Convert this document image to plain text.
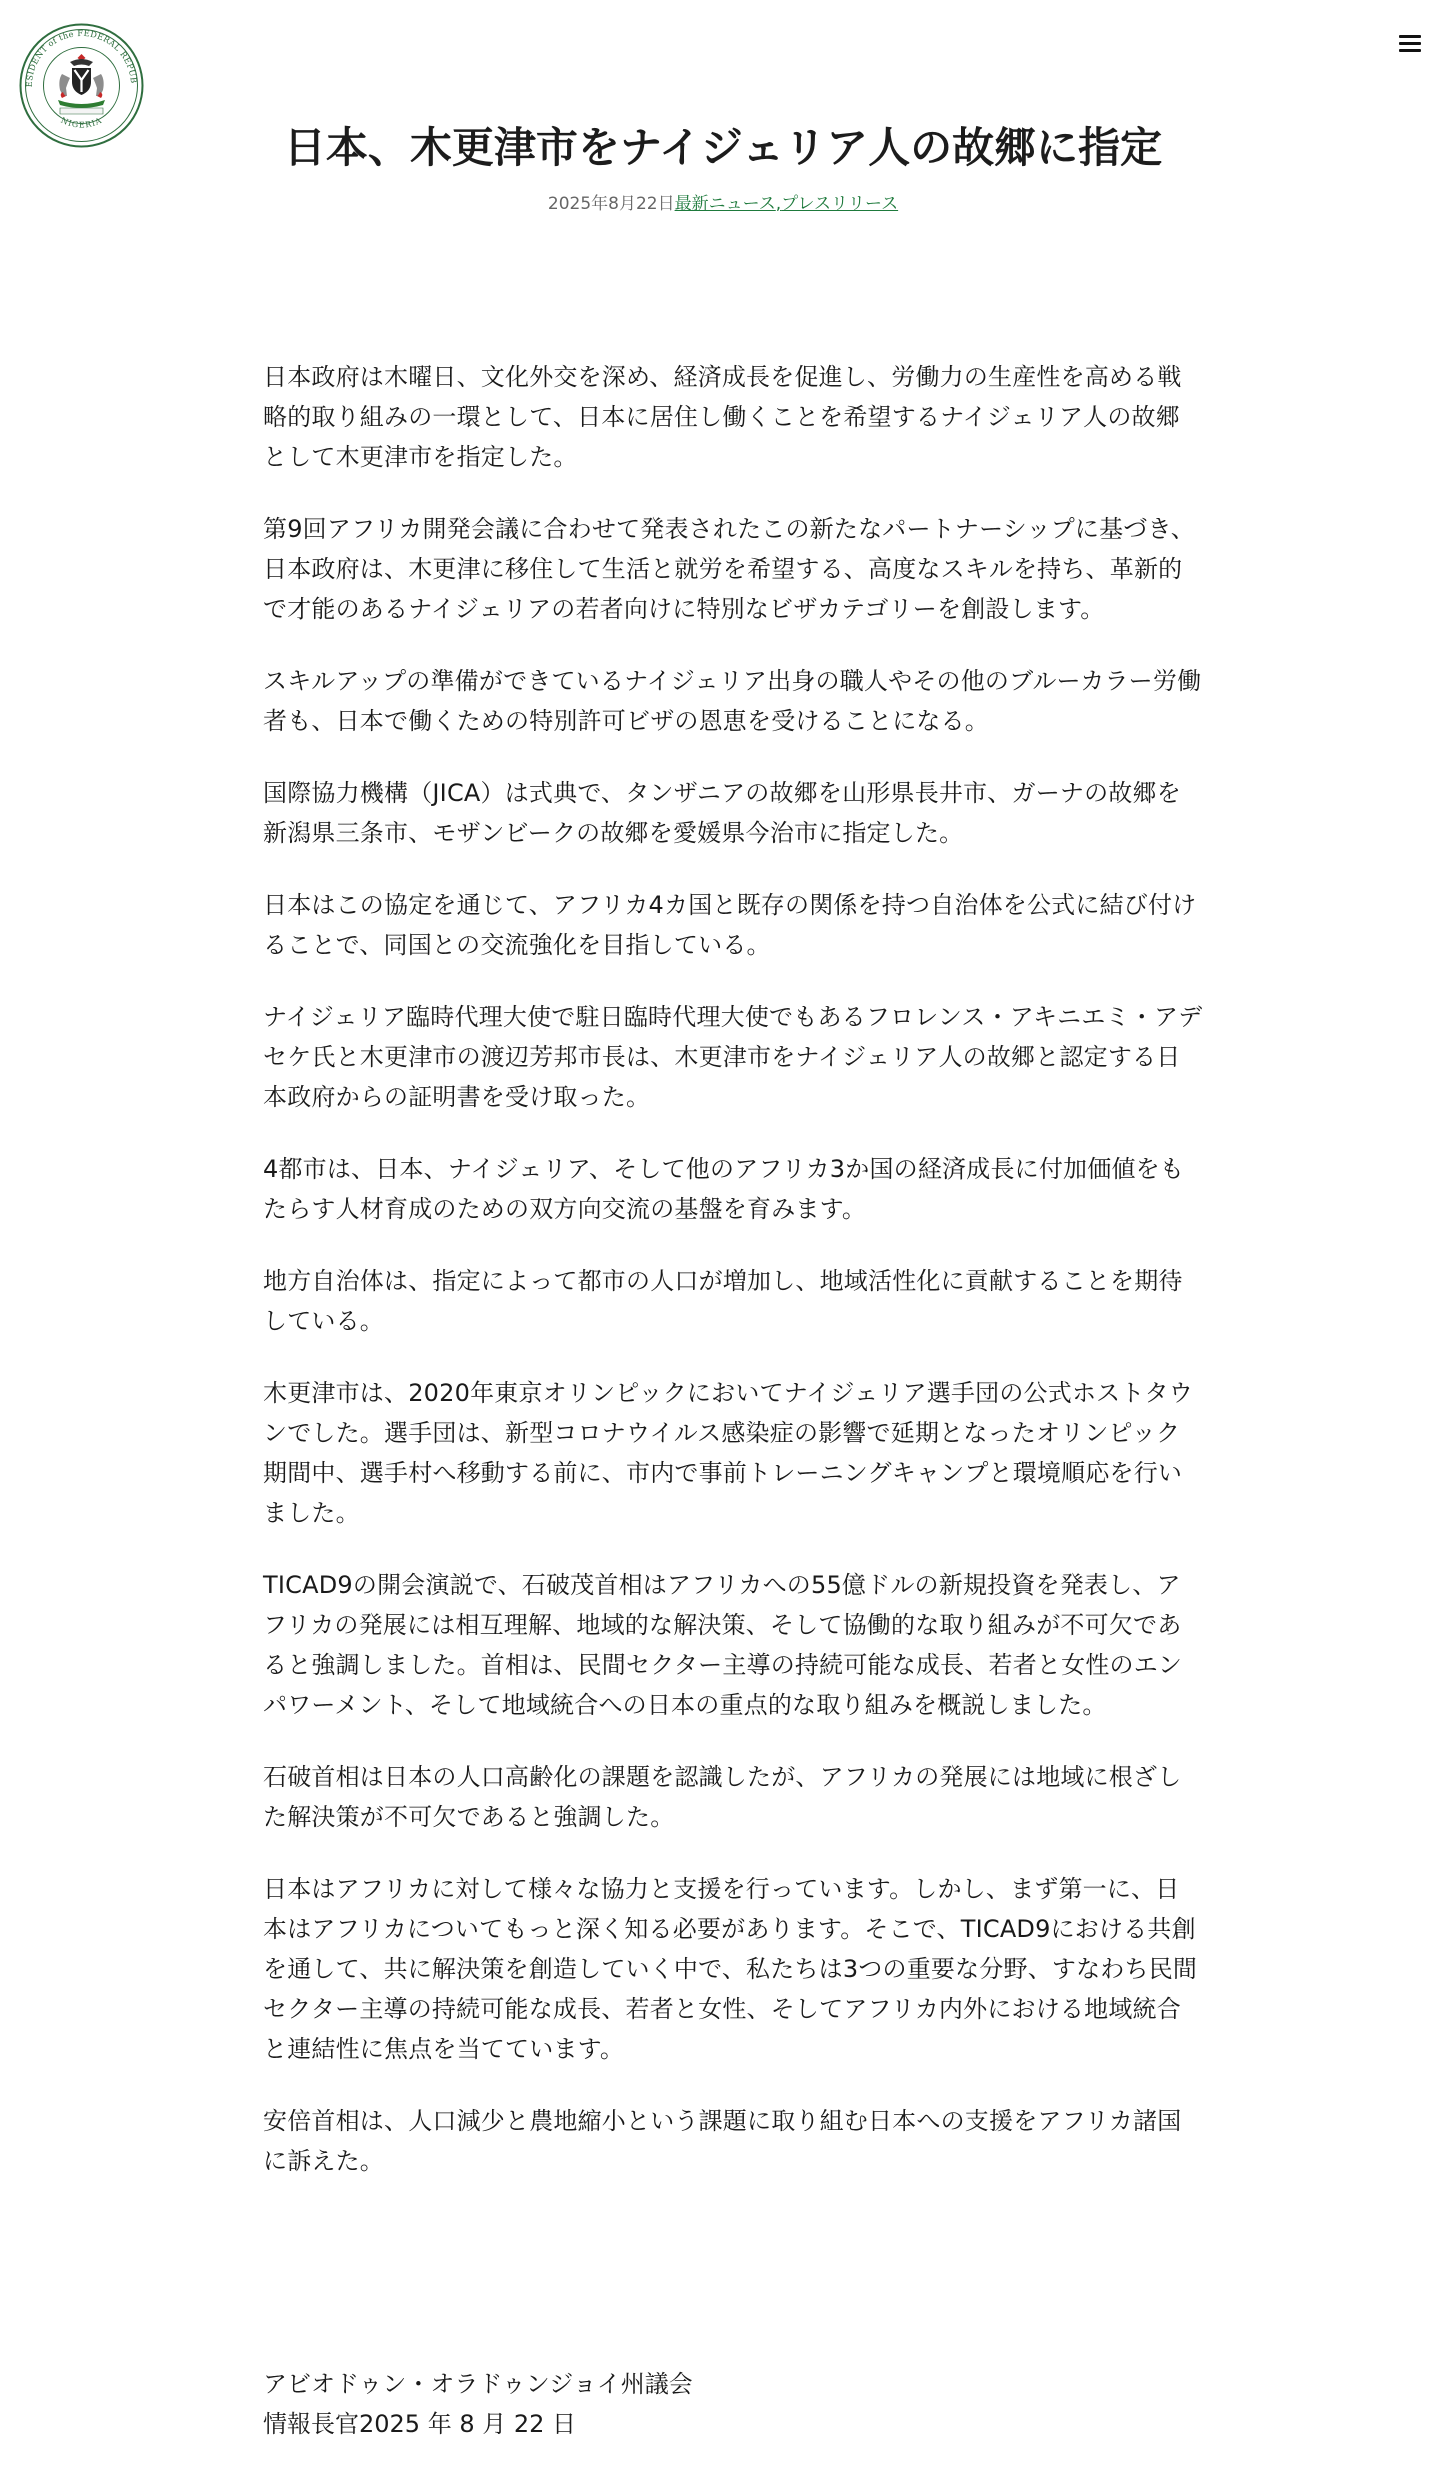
ESIDENT of the FEDERAL REPUB
NIGERIA
日本、木更津市をナイジェリア人の故郷に指定
2025年8月22日最新ニュース,プレスリリース

日本政府は木曜日、文化外交を深め、経済成長を促進し、労働力の生産性を高める戦略的取り組みの一環として、日本に居住し働くことを希望するナイジェリア人の故郷として木更津市を指定した。

第9回アフリカ開発会議に合わせて発表されたこの新たなパートナーシップに基づき、日本政府は、木更津に移住して生活と就労を希望する、高度なスキルを持ち、革新的で才能のあるナイジェリアの若者向けに特別なビザカテゴリーを創設します。

スキルアップの準備ができているナイジェリア出身の職人やその他のブルーカラー労働者も、日本で働くための特別許可ビザの恩恵を受けることになる。

国際協力機構（JICA）は式典で、タンザニアの故郷を山形県長井市、ガーナの故郷を新潟県三条市、モザンビークの故郷を愛媛県今治市に指定した。

日本はこの協定を通じて、アフリカ4カ国と既存の関係を持つ自治体を公式に結び付けることで、同国との交流強化を目指している。

ナイジェリア臨時代理大使で駐日臨時代理大使でもあるフロレンス・アキニエミ・アデセケ氏と木更津市の渡辺芳邦市長は、木更津市をナイジェリア人の故郷と認定する日本政府からの証明書を受け取った。

4都市は、日本、ナイジェリア、そして他のアフリカ3か国の経済成長に付加価値をもたらす人材育成のための双方向交流の基盤を育みます。

地方自治体は、指定によって都市の人口が増加し、地域活性化に貢献することを期待している。

木更津市は、2020年東京オリンピックにおいてナイジェリア選手団の公式ホストタウンでした。選手団は、新型コロナウイルス感染症の影響で延期となったオリンピック期間中、選手村へ移動する前に、市内で事前トレーニングキャンプと環境順応を行いました。

TICAD9の開会演説で、石破茂首相はアフリカへの55億ドルの新規投資を発表し、アフリカの発展には相互理解、地域的な解決策、そして協働的な取り組みが不可欠であると強調しました。首相は、民間セクター主導の持続可能な成長、若者と女性のエンパワーメント、そして地域統合への日本の重点的な取り組みを概説しました。

石破首相は日本の人口高齢化の課題を認識したが、アフリカの発展には地域に根ざした解決策が不可欠であると強調した。

日本はアフリカに対して様々な協力と支援を行っています。しかし、まず第一に、日本はアフリカについてもっと深く知る必要があります。そこで、TICAD9における共創を通して、共に解決策を創造していく中で、私たちは3つの重要な分野、すなわち民間セクター主導の持続可能な成長、若者と女性、そしてアフリカ内外における地域統合と連結性に焦点を当てています。

安倍首相は、人口減少と農地縮小という課題に取り組む日本への支援をアフリカ諸国に訴えた。

アビオドゥン・オラドゥンジョイ州議会
情報長官2025 年 8 月 22 日
